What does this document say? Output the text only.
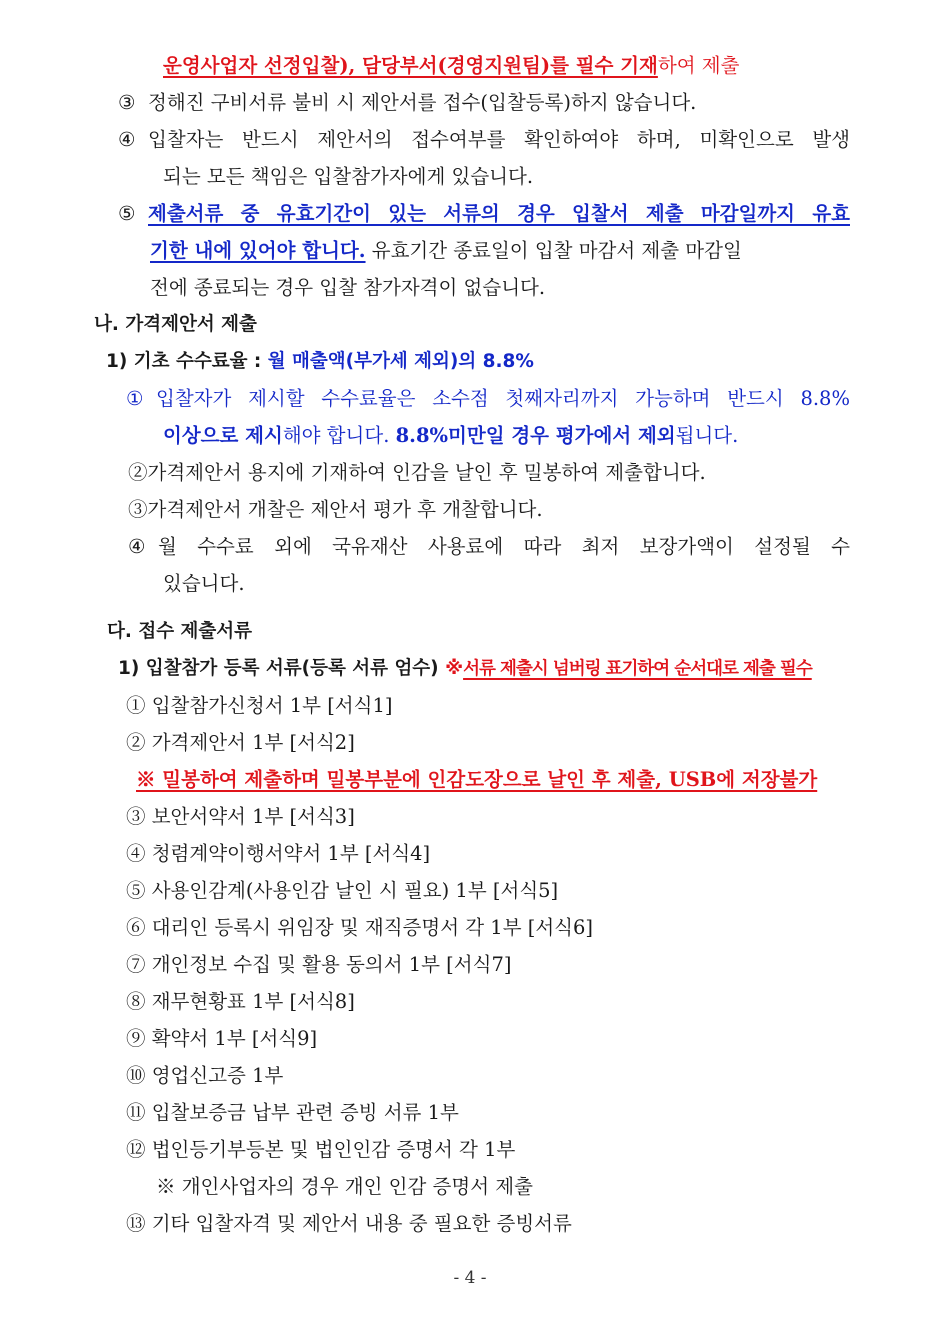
운영사업자 선정입찰), 담당부서(경영지원팀)를 필수 기재하여 제출
③ 정해진 구비서류 불비 시 제안서를 접수(입찰등록)하지 않습니다.
④ 입찰자는 반드시 제안서의 접수여부를 확인하여야 하며, 미확인으로 발생
되는 모든 책임은 입찰참가자에게 있습니다.
⑤ 제출서류 중 유효기간이 있는 서류의 경우 입찰서 제출 마감일까지 유효
기한 내에 있어야 합니다. 유효기간 종료일이 입찰 마감서 제출 마감일
전에 종료되는 경우 입찰 참가자격이 없습니다.
나. 가격제안서 제출
1) 기초 수수료율 : 월 매출액(부가세 제외)의 8.8%
① 입찰자가 제시할 수수료율은 소수점 첫째자리까지 가능하며 반드시 8.8%
이상으로 제시해야 합니다. 8.8%미만일 경우 평가에서 제외됩니다.
②가격제안서 용지에 기재하여 인감을 날인 후 밀봉하여 제출합니다.
③가격제안서 개찰은 제안서 평가 후 개찰합니다.
④ 월 수수료 외에 국유재산 사용료에 따라 최저 보장가액이 설정될 수
있습니다.
다. 접수 제출서류
1) 입찰참가 등록 서류(등록 서류 엄수) ※서류 제출시 넘버링 표기하여 순서대로 제출 필수
① 입찰참가신청서 1부 [서식1]
② 가격제안서 1부 [서식2]
※ 밀봉하여 제출하며 밀봉부분에 인감도장으로 날인 후 제출, USB에 저장불가
③ 보안서약서 1부 [서식3]
④ 청렴계약이행서약서 1부 [서식4]
⑤ 사용인감계(사용인감 날인 시 필요) 1부 [서식5]
⑥ 대리인 등록시 위임장 및 재직증명서 각 1부 [서식6]
⑦ 개인정보 수집 및 활용 동의서 1부 [서식7]
⑧ 재무현황표 1부 [서식8]
⑨ 확약서 1부 [서식9]
⑩ 영업신고증 1부
⑪ 입찰보증금 납부 관련 증빙 서류 1부
⑫ 법인등기부등본 및 법인인감 증명서 각 1부
※ 개인사업자의 경우 개인 인감 증명서 제출
⑬ 기타 입찰자격 및 제안서 내용 중 필요한 증빙서류
- 4 -
